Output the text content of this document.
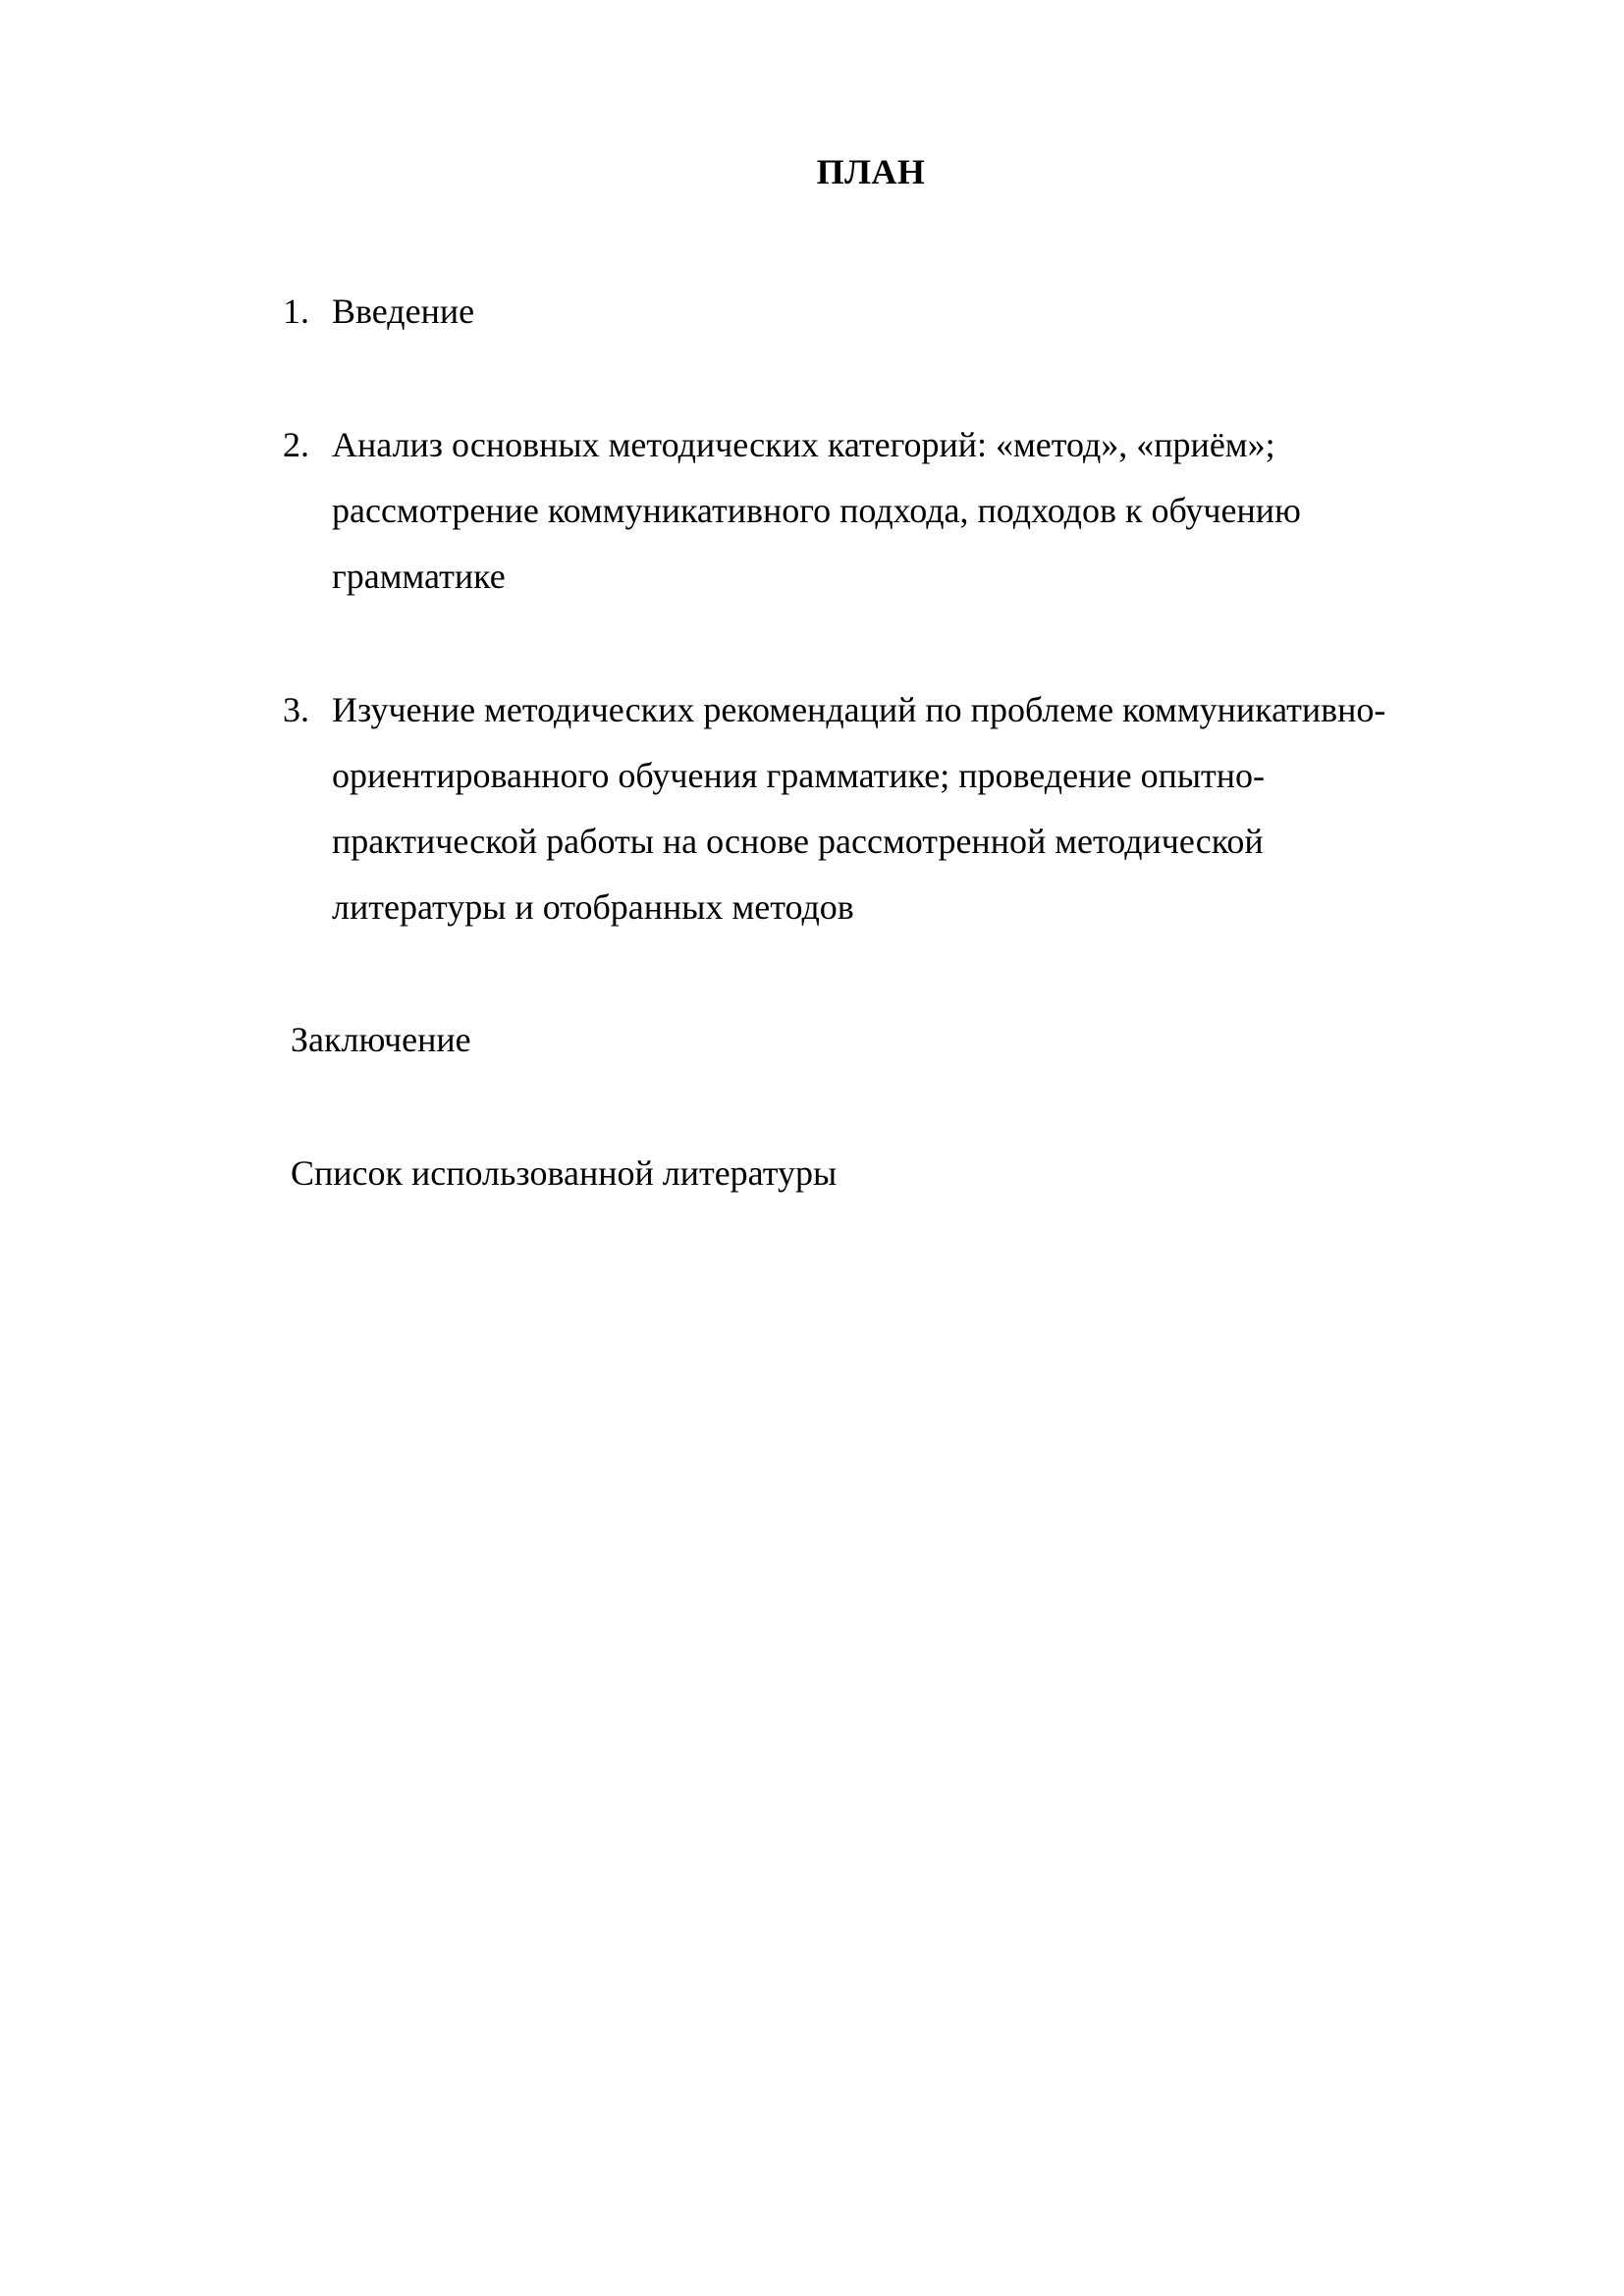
ПЛАН
1. Введение
2. Анализ основных методических категорий: «метод», «приём»;
рассмотрение коммуникативного подхода, подходов к обучению
грамматике
3. Изучение методических рекомендаций по проблеме коммуникативно-
ориентированного обучения грамматике; проведение опытно-
практической работы на основе рассмотренной методической
литературы и отобранных методов
Заключение
Список использованной литературы
